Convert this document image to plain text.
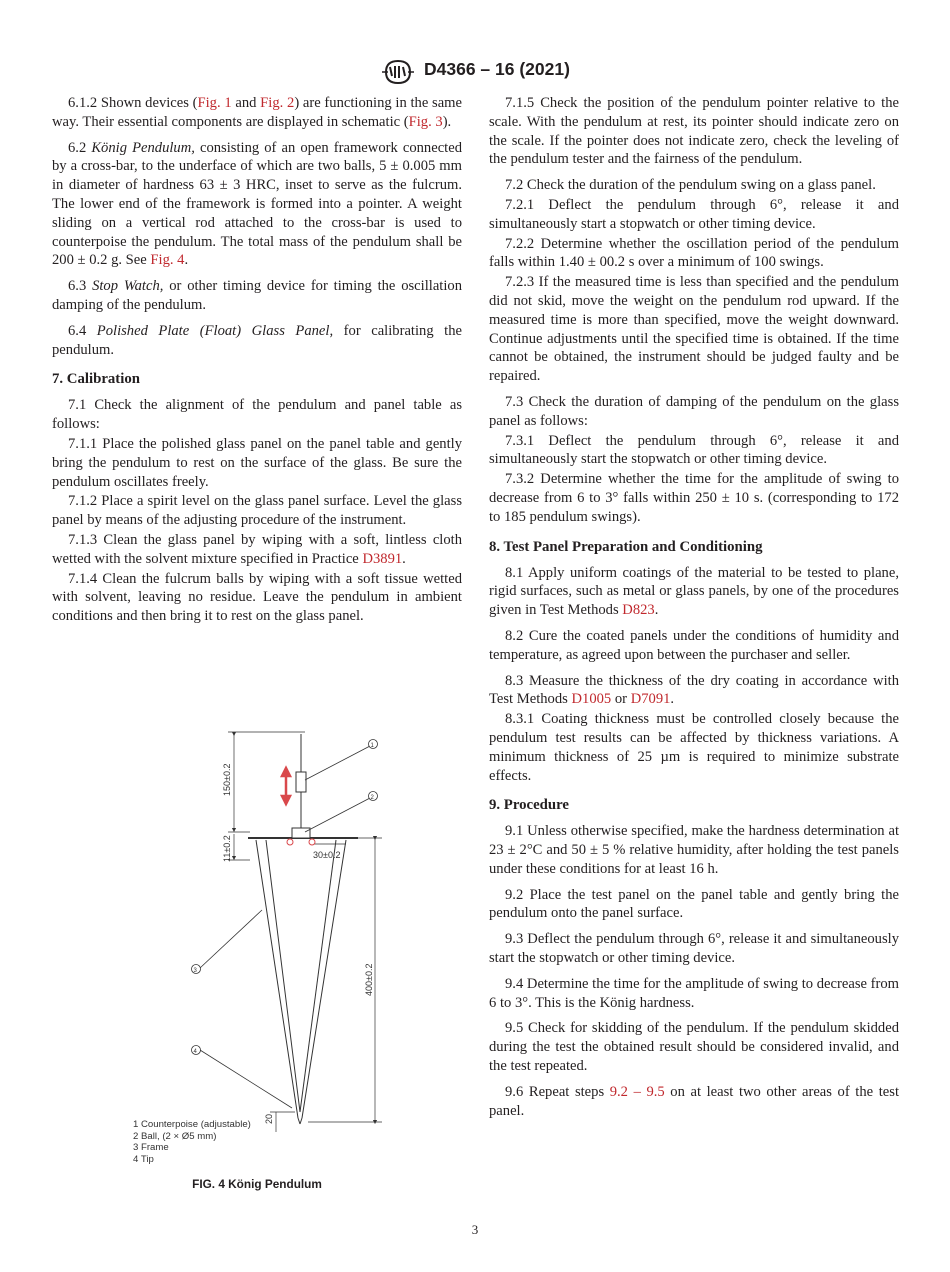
D4366 – 16 (2021)

6.1.2 Shown devices (Fig. 1 and Fig. 2) are functioning in the same way. Their essential components are displayed in schematic (Fig. 3).

6.2 König Pendulum, consisting of an open framework connected by a cross-bar, to the underface of which are two balls, 5 ± 0.005 mm in diameter of hardness 63 ± 3 HRC, inset to serve as the fulcrum. The lower end of the framework is formed into a pointer. A weight sliding on a vertical rod attached to the cross-bar is used to counterpoise the pendulum. The total mass of the pendulum shall be 200 ± 0.2 g. See Fig. 4.

6.3 Stop Watch, or other timing device for timing the oscillation damping of the pendulum.

6.4 Polished Plate (Float) Glass Panel, for calibrating the pendulum.

7. Calibration

7.1 Check the alignment of the pendulum and panel table as follows:

7.1.1 Place the polished glass panel on the panel table and gently bring the pendulum to rest on the surface of the glass. Be sure the pendulum oscillates freely.

7.1.2 Place a spirit level on the glass panel surface. Level the glass panel by means of the adjusting procedure of the instrument.

7.1.3 Clean the glass panel by wiping with a soft, lintless cloth wetted with the solvent mixture specified in Practice D3891.

7.1.4 Clean the fulcrum balls by wiping with a soft tissue wetted with solvent, leaving no residue. Leave the pendulum in ambient conditions and then bring it to rest on the glass panel.

150±0.2
11±0.2	30±0.2
400±0.2
20
1
2
3
4
1 Counterpoise (adjustable)
2 Ball, (2 × Ø5 mm)
3 Frame
4 Tip
FIG. 4 König Pendulum

7.1.5 Check the position of the pendulum pointer relative to the scale. With the pendulum at rest, its pointer should indicate zero on the scale. If the pointer does not indicate zero, check the leveling of the pendulum tester and the fairness of the pendulum.

7.2 Check the duration of the pendulum swing on a glass panel.

7.2.1 Deflect the pendulum through 6°, release it and simultaneously start a stopwatch or other timing device.

7.2.2 Determine whether the oscillation period of the pendulum falls within 1.40 ± 00.2 s over a minimum of 100 swings.

7.2.3 If the measured time is less than specified and the pendulum did not skid, move the weight on the pendulum rod upward. If the measured time is more than specified, move the weight downward. Continue adjustments until the specified time is obtained. If the time cannot be obtained, the instrument should be judged faulty and be repaired.

7.3 Check the duration of damping of the pendulum on the glass panel as follows:

7.3.1 Deflect the pendulum through 6°, release it and simultaneously start the stopwatch or other timing device.

7.3.2 Determine whether the time for the amplitude of swing to decrease from 6 to 3° falls within 250 ± 10 s. (corresponding to 172 to 185 pendulum swings).

8. Test Panel Preparation and Conditioning

8.1 Apply uniform coatings of the material to be tested to plane, rigid surfaces, such as metal or glass panels, by one of the procedures given in Test Methods D823.

8.2 Cure the coated panels under the conditions of humidity and temperature, as agreed upon between the purchaser and seller.

8.3 Measure the thickness of the dry coating in accordance with Test Methods D1005 or D7091.

8.3.1 Coating thickness must be controlled closely because the pendulum test results can be affected by thickness variations. A minimum thickness of 25 µm is required to minimize substrate effects.

9. Procedure

9.1 Unless otherwise specified, make the hardness determination at 23 ± 2°C and 50 ± 5 % relative humidity, after holding the test panels under these conditions for at least 16 h.

9.2 Place the test panel on the panel table and gently bring the pendulum onto the panel surface.

9.3 Deflect the pendulum through 6°, release it and simultaneously start the stopwatch or other timing device.

9.4 Determine the time for the amplitude of swing to decrease from 6 to 3°. This is the König hardness.

9.5 Check for skidding of the pendulum. If the pendulum skidded during the test the obtained result should be considered invalid, and the test repeated.

9.6 Repeat steps 9.2 – 9.5 on at least two other areas of the test panel.

3
